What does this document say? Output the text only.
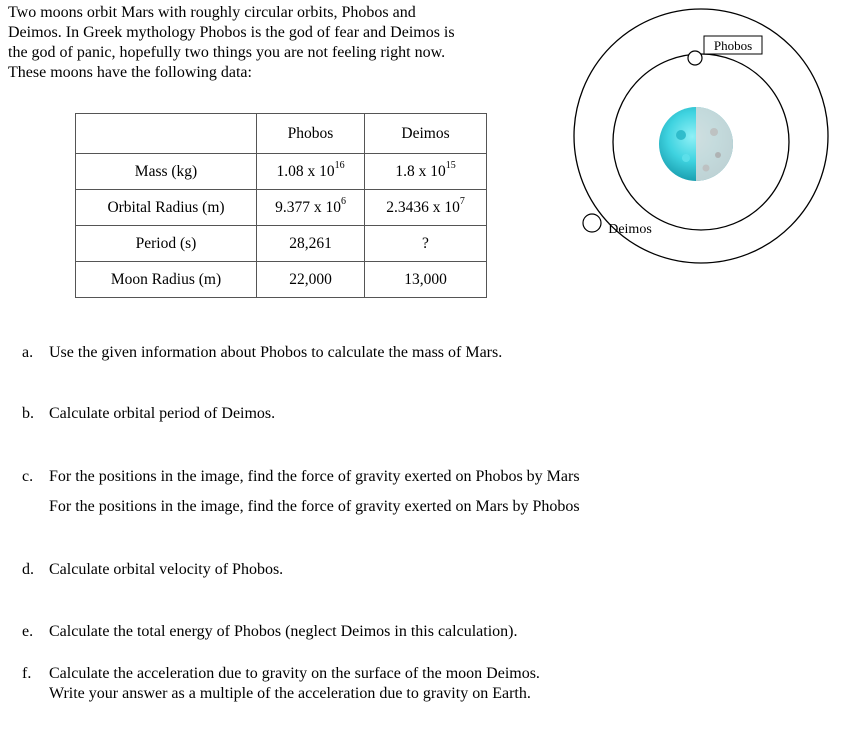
Two moons orbit Mars with roughly circular orbits, Phobos and
Deimos. In Greek mythology Phobos is the god of fear and Deimos is
the god of panic, hopefully two things you are not feeling right now.
These moons have the following data:
	Phobos	Deimos
Mass (kg)	1.08 x $10^{16}$	1.8 x $10^{15}$
Orbital Radius (m)	9.377 x $10^6$	2.3436 x $10^7$
Period (s)	28,261	?
Moon Radius (m)	22,000	13,000
Phobos
Deimos
a. Use the given information about Phobos to calculate the mass of Mars.
b. Calculate orbital period of Deimos.
c. For the positions in the image, find the force of gravity exerted on Phobos by Mars
For the positions in the image, find the force of gravity exerted on Mars by Phobos
d. Calculate orbital velocity of Phobos.
e. Calculate the total energy of Phobos (neglect Deimos in this calculation).
f. Calculate the acceleration due to gravity on the surface of the moon Deimos.
Write your answer as a multiple of the acceleration due to gravity on Earth.
